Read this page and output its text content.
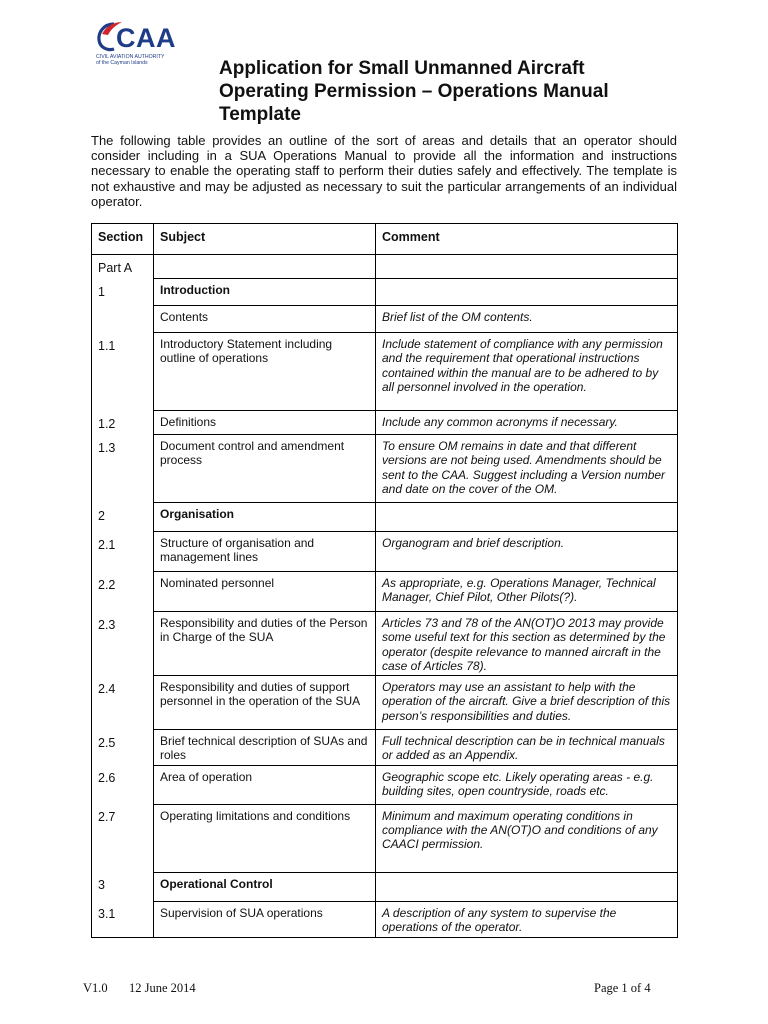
CAA
CIVIL AVIATION AUTHORITY
of the Cayman Islands	Application for Small Unmanned Aircraft
Operating Permission – Operations Manual
Template

The following table provides an outline of the sort of areas and details that an operator should consider including in a SUA Operations Manual to provide all the information and instructions necessary to enable the operating staff to perform their duties safely and effectively. The template is not exhaustive and may be adjusted as necessary to suit the particular arrangements of an individual operator.

Section	Subject	Comment
Part A		
1	Introduction	
	Contents	Brief list of the OM contents.
1.1	Introductory Statement including outline of operations	Include statement of compliance with any permission and the requirement that operational instructions contained within the manual are to be adhered to by all personnel involved in the operation.
1.2	Definitions	Include any common acronyms if necessary.
1.3	Document control and amendment process	To ensure OM remains in date and that different versions are not being used. Amendments should be sent to the CAA. Suggest including a Version number and date on the cover of the OM.
2	Organisation	
2.1	Structure of organisation and management lines	Organogram and brief description.
2.2	Nominated personnel	As appropriate, e.g. Operations Manager, Technical Manager, Chief Pilot, Other Pilots(?).
2.3	Responsibility and duties of the Person in Charge of the SUA	Articles 73 and 78 of the AN(OT)O 2013 may provide some useful text for this section as determined by the operator (despite relevance to manned aircraft in the case of Articles 78).
2.4	Responsibility and duties of support personnel in the operation of the SUA	Operators may use an assistant to help with the operation of the aircraft. Give a brief description of this person’s responsibilities and duties.
2.5	Brief technical description of SUAs and roles	Full technical description can be in technical manuals or added as an Appendix.
2.6	Area of operation	Geographic scope etc. Likely operating areas - e.g. building sites, open countryside, roads etc.
2.7	Operating limitations and conditions	Minimum and maximum operating conditions in compliance with the AN(OT)O and conditions of any CAACI permission.
3	Operational Control	
3.1	Supervision of SUA operations	A description of any system to supervise the operations of the operator.
V1.0 12 June 2014	Page 1 of 4
